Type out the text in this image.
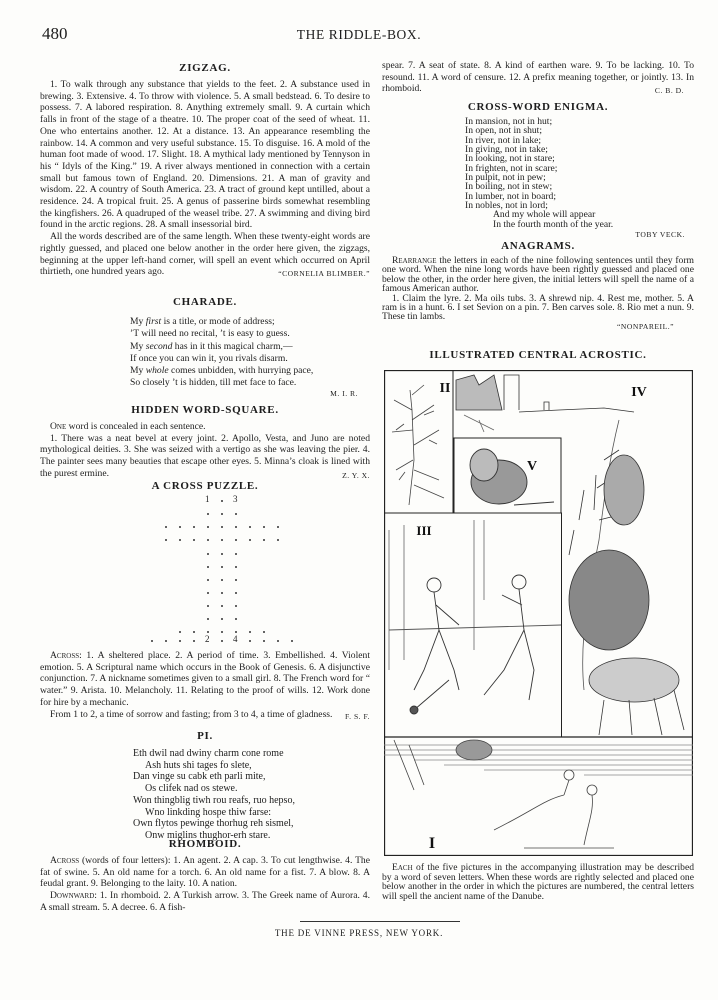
480	THE RIDDLE-BOX.
ZIGZAG.

1. To walk through any substance that yields to the feet. 2. A substance used in brewing. 3. Extensive. 4. To throw with violence. 5. A small bedstead. 6. To desire to possess. 7. A labored respiration. 8. Anything extremely small. 9. A curtain which falls in front of the stage of a theatre. 10. The proper coat of the seed of wheat. 11. One who entertains another. 12. At a distance. 13. An appearance resembling the rainbow. 14. A common and very useful substance. 15. To disguise. 16. A mold of the human foot made of wood. 17. Slight. 18. A mythical lady mentioned by Tennyson in his “ Idyls of the King.” 19. A river always mentioned in connection with a certain small but famous town of England. 20. Dimensions. 21. A man of gravity and wisdom. 22. A country of South America. 23. A tract of ground kept untilled, about a residence. 24. A tropical fruit. 25. A genus of passerine birds somewhat resembling the kingfishers. 26. A quadruped of the weasel tribe. 27. A swimming and diving bird found in the arctic regions. 28. A small insessorial bird.

All the words described are of the same length. When these twenty-eight words are rightly guessed, and placed one below another in the order here given, the zigzags, beginning at the upper left-hand corner, will spell an event which occurred on April thirtieth, one hundred years ago.	“CORNELIA BLIMBER.”

CHARADE.
My first is a title, or mode of address;
’T will need no recital, ’t is easy to guess.
My second has in it this magical charm,—
If once you can win it, you rivals disarm.
My whole comes unbidden, with hurrying pace,
So closely ’t is hidden, till met face to face.
M. I. R.
HIDDEN WORD-SQUARE.

One word is concealed in each sentence.

1. There was a neat bevel at every joint. 2. Apollo, Vesta, and Juno are noted mythological deities. 3. She was seized with a vertigo as she was leaving the pier. 4. The painter sees many beauties that escape other eyes. 5. Minna’s cloak is lined with the purest ermine.	Z. Y. X.

A CROSS PUZZLE.
1	3
2	4

Across: 1. A sheltered place. 2. A period of time. 3. Embellished. 4. Violent emotion. 5. A Scriptural name which occurs in the Book of Genesis. 6. A disjunctive conjunction. 7. A nickname sometimes given to a small girl. 8. The French word for “ water.” 9. Arista. 10. Melancholy. 11. Relating to the proof of wills. 12. Work done for hire by a mechanic.

From 1 to 2, a time of sorrow and fasting; from 3 to 4, a time of gladness.	F. S. F.

PI.
Eth dwil nad dwiny charm cone rome
Ash huts shi tages fo slete,
Dan vinge su cabk eth parli mite,
Os clifek nad os stewe.
Won thingblig tiwh rou reafs, ruo hepso,
Wno linkding hospe thiw farse:
Own flytos pewinge thorhug reh sismel,
Onw miglins thughor-erh stare.
RHOMBOID.

Across (words of four letters): 1. An agent. 2. A cap. 3. To cut lengthwise. 4. The fat of swine. 5. An old name for a torch. 6. An old name for a fist. 7. A blow. 8. A feudal grant. 9. Belonging to the laity. 10. A nation.

Downward: 1. In rhomboid. 2. A Turkish arrow. 3. The Greek name of Aurora. 4. A small stream. 5. A decree. 6. A fish-

spear. 7. A seat of state. 8. A kind of earthen ware. 9. To be lacking. 10. To resound. 11. A word of censure. 12. A prefix meaning together, or jointly. 13. In rhomboid.	C. B. D.
CROSS-WORD ENIGMA.
In mansion, not in hut;
In open, not in shut;
In river, not in lake;
In giving, not in take;
In looking, not in stare;
In frighten, not in scare;
In pulpit, not in pew;
In boiling, not in stew;
In lumber, not in board;
In nobles, not in lord;
And my whole will appear
In the fourth month of the year.
TOBY VECK.
ANAGRAMS.

Rearrange the letters in each of the nine following sentences until they form one word. When the nine long words have been rightly guessed and placed one below the other, in the order here given, the initial letters will spell the name of a famous American author.

1. Claim the lyre. 2. Ma oils tubs. 3. A shrewd nip. 4. Rest me, mother. 5. A ram is in a hunt. 6. I set Sevion on a pin. 7. Ben carves sole. 8. Rio met a nun. 9. These tin lambs.

“NONPAREIL.”
ILLUSTRATED CENTRAL ACROSTIC.
II	IV
V
III
I

Each of the five pictures in the accompanying illustration may be described by a word of seven letters. When these words are rightly selected and placed one below another in the order in which the pictures are numbered, the central letters will spell the ancient name of the Danube.

THE DE VINNE PRESS, NEW YORK.
